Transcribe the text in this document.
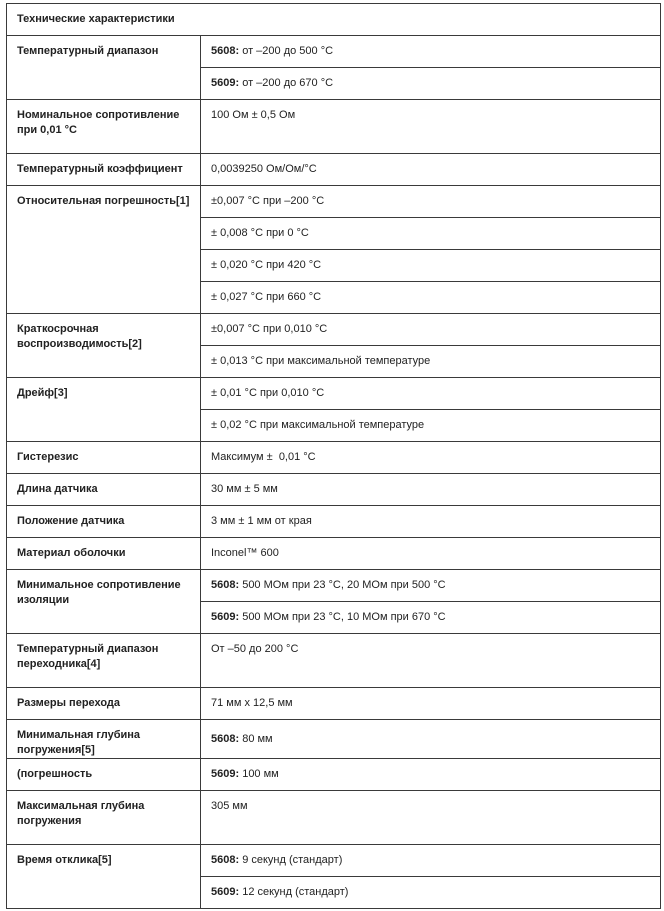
Технические характеристики	
Температурный диапазон	5608: от –200 до 500 °C
	5609: от –200 до 670 °C
Номинальное сопротивление при 0,01 °C	100 Ом ± 0,5 Ом
Температурный коэффициент	0,0039250 Ом/Ом/°C
Относительная погрешность[1]	±0,007 °C при –200 °C
	± 0,008 °C при 0 °C
	± 0,020 °C при 420 °C
	± 0,027 °C при 660 °C
Краткосрочная воспроизводимость[2]	±0,007 °C при 0,010 °C
	± 0,013 °C при максимальной температуре
Дрейф[3]	± 0,01 °C при 0,010 °C
	± 0,02 °C при максимальной температуре
Гистерезис	Максимум ±  0,01 °C
Длина датчика	30 мм ± 5 мм
Положение датчика	3 мм ± 1 мм от края
Материал оболочки	Inconel™ 600
Минимальное сопротивление изоляции	5608: 500 МОм при 23 °C, 20 МОм при 500 °C
	5609: 500 МОм при 23 °C, 10 МОм при 670 °C
Температурный диапазон переходника[4]	От –50 до 200 °C
Размеры перехода	71 мм x 12,5 мм
Минимальная глубина погружения[5]	5608: 80 мм
(погрешность	5609: 100 мм
Максимальная глубина погружения	305 мм
Время отклика[5]	5608: 9 секунд (стандарт)
	5609: 12 секунд (стандарт)
